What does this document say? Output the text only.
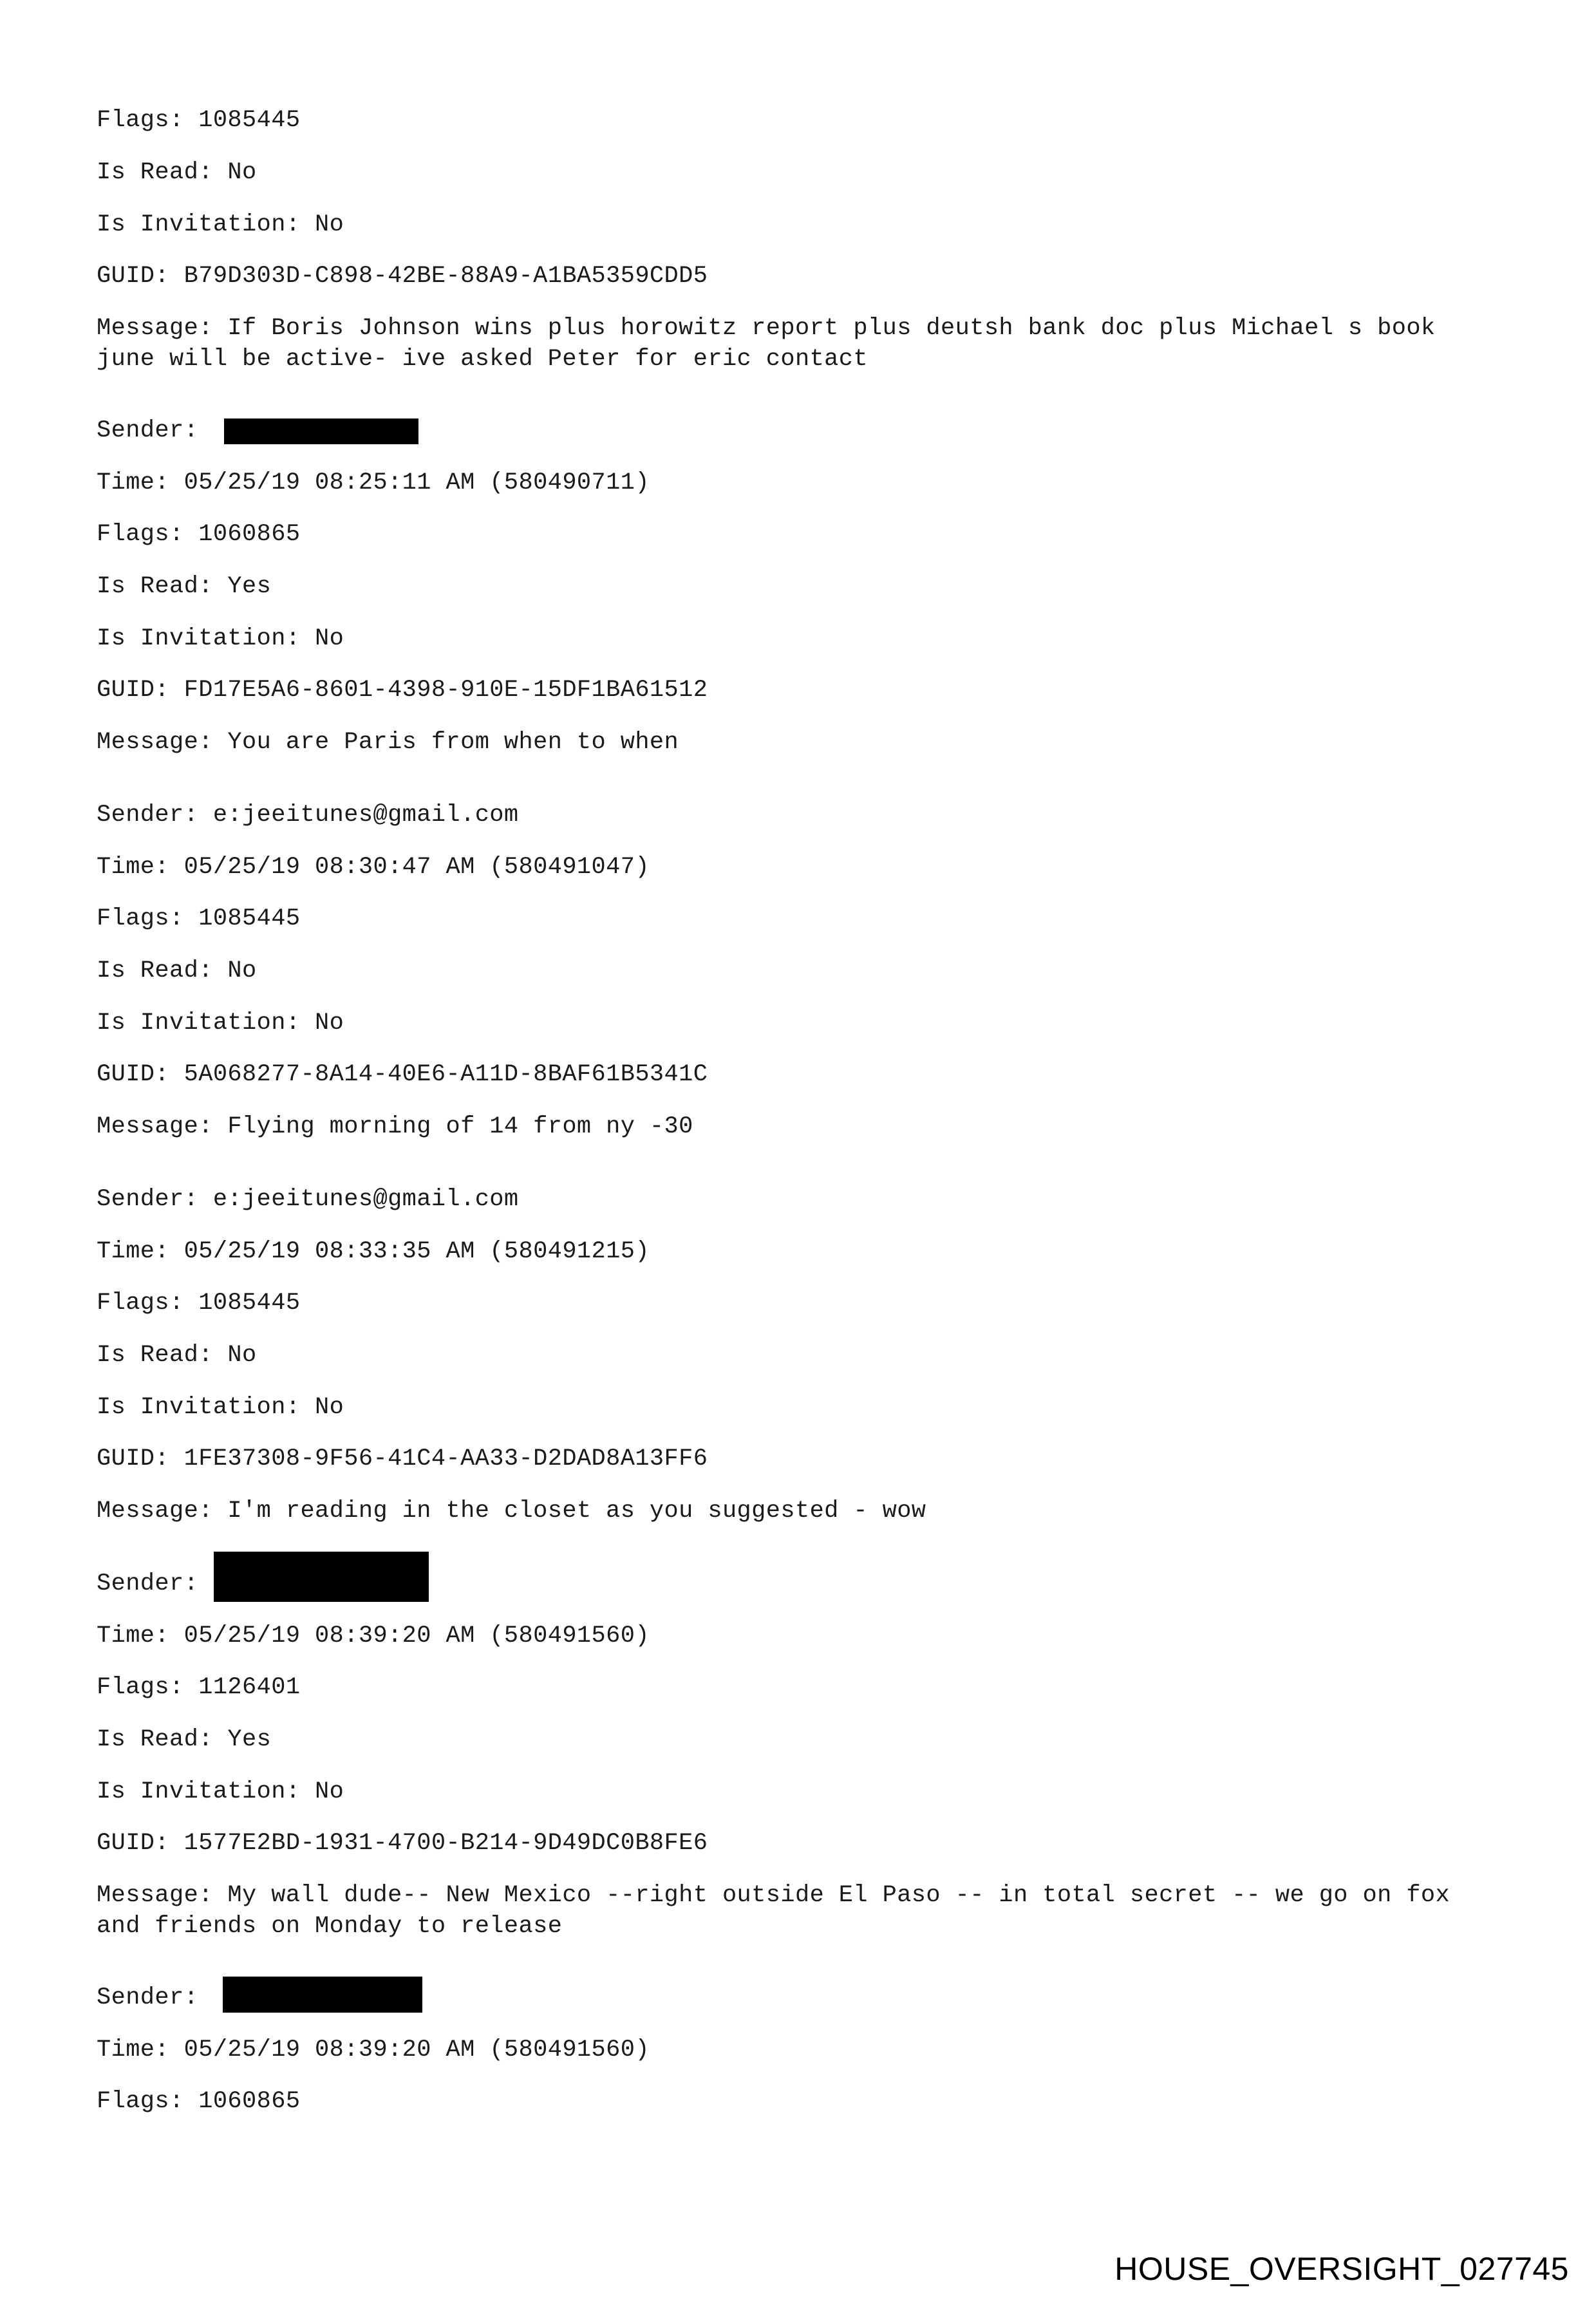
Flags: 1085445
Is Read: No
Is Invitation: No
GUID: B79D303D-C898-42BE-88A9-A1BA5359CDD5
Message: If Boris Johnson wins plus horowitz report plus deutsh bank doc plus Michael s book june will be active- ive asked Peter for eric contact
Sender:
Time: 05/25/19 08:25:11 AM (580490711)
Flags: 1060865
Is Read: Yes
Is Invitation: No
GUID: FD17E5A6-8601-4398-910E-15DF1BA61512
Message: You are Paris from when to when
Sender: e:jeeitunes@gmail.com
Time: 05/25/19 08:30:47 AM (580491047)
Flags: 1085445
Is Read: No
Is Invitation: No
GUID: 5A068277-8A14-40E6-A11D-8BAF61B5341C
Message: Flying morning of 14 from ny -30
Sender: e:jeeitunes@gmail.com
Time: 05/25/19 08:33:35 AM (580491215)
Flags: 1085445
Is Read: No
Is Invitation: No
GUID: 1FE37308-9F56-41C4-AA33-D2DAD8A13FF6
Message: I'm reading in the closet as you suggested - wow
Sender:
Time: 05/25/19 08:39:20 AM (580491560)
Flags: 1126401
Is Read: Yes
Is Invitation: No
GUID: 1577E2BD-1931-4700-B214-9D49DC0B8FE6
Message: My wall dude-- New Mexico --right outside El Paso -- in total secret -- we go on fox and friends on Monday to release
Sender:
Time: 05/25/19 08:39:20 AM (580491560)
Flags: 1060865
HOUSE_OVERSIGHT_027745
